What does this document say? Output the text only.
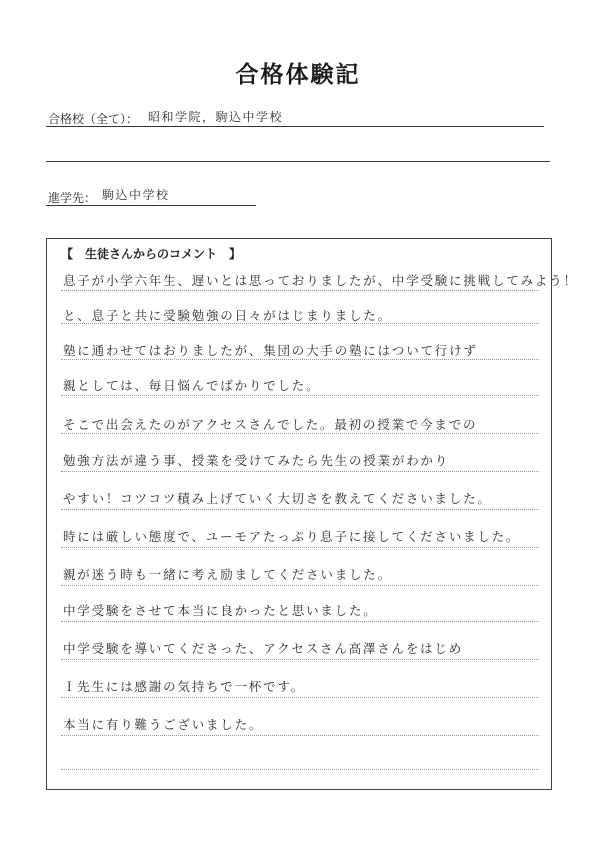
合格体験記
合格校（全て）： 昭和学院，駒込中学校
進学先： 駒込中学校
【　生徒さんからのコメント　】
息子が小学六年生、遅いとは思っておりましたが、中学受験に挑戦してみよう！
と、息子と共に受験勉強の日々がはじまりました。
塾に通わせてはおりましたが、集団の大手の塾にはついて行けず
親としては、毎日悩んでばかりでした。
そこで出会えたのがアクセスさんでした。最初の授業で今までの
勉強方法が違う事、授業を受けてみたら先生の授業がわかり
やすい！コツコツ積み上げていく大切さを教えてくださいました。
時には厳しい態度で、ユーモアたっぷり息子に接してくださいました。
親が迷う時も一緒に考え励ましてくださいました。
中学受験をさせて本当に良かったと思いました。
中学受験を導いてくださった、アクセスさん高澤さんをはじめ
Ｉ先生には感謝の気持ちで一杯です。
本当に有り難うございました。
